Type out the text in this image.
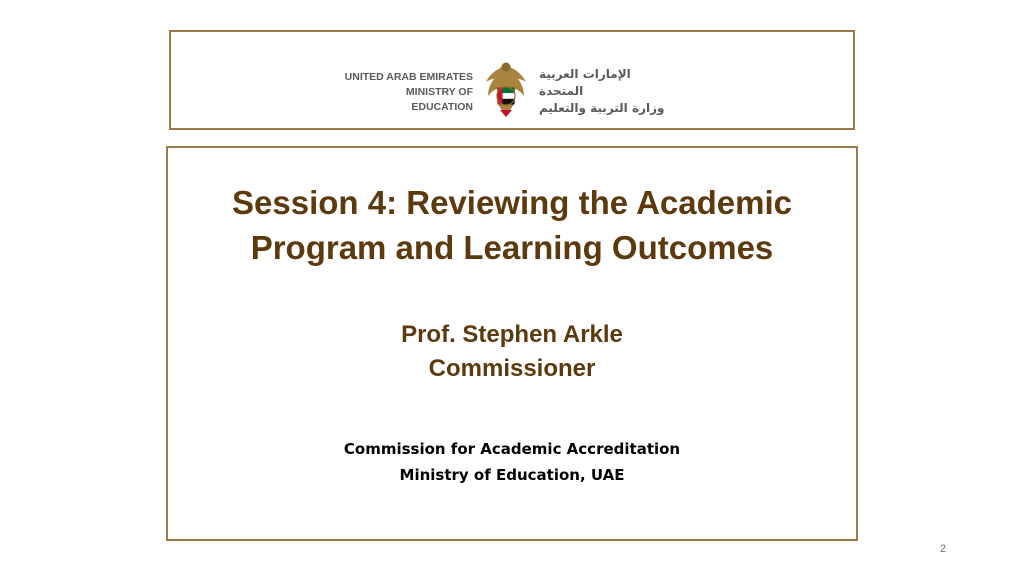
UNITED ARAB EMIRATES
MINISTRY OF EDUCATION
الإمارات العربية المتحدة
وزارة التربية والتعليم
Session 4: Reviewing the Academic
Program and Learning Outcomes
Prof. Stephen Arkle
Commissioner
Commission for Academic Accreditation
Ministry of Education, UAE
2
